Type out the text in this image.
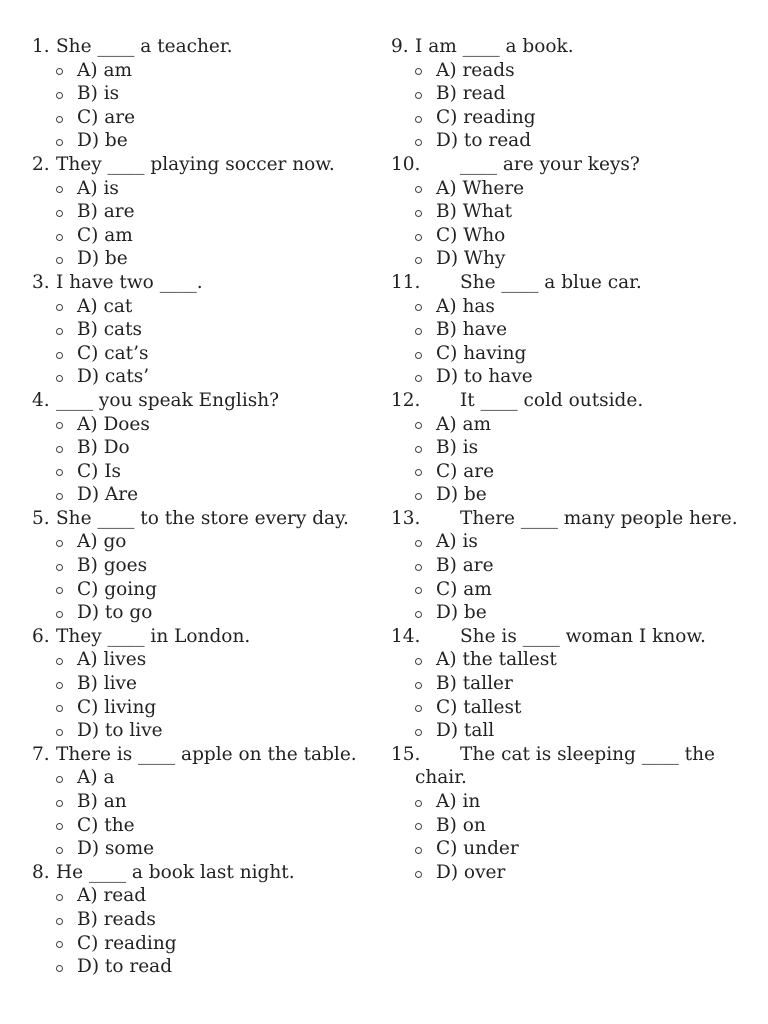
1. She ____ a teacher.
A) am
B) is
C) are
D) be
2. They ____ playing soccer now.
A) is
B) are
C) am
D) be
3. I have two ____.
A) cat
B) cats
C) cat’s
D) cats’
4. ____ you speak English?
A) Does
B) Do
C) Is
D) Are
5. She ____ to the store every day.
A) go
B) goes
C) going
D) to go
6. They ____ in London.
A) lives
B) live
C) living
D) to live
7. There is ____ apple on the table.
A) a
B) an
C) the
D) some
8. He ____ a book last night.
A) read
B) reads
C) reading
D) to read
9. I am ____ a book.
A) reads
B) read
C) reading
D) to read
10.	____ are your keys?
A) Where
B) What
C) Who
D) Why
11.	She ____ a blue car.
A) has
B) have
C) having
D) to have
12.	It ____ cold outside.
A) am
B) is
C) are
D) be
13.	There ____ many people here.
A) is
B) are
C) am
D) be
14.	She is ____ woman I know.
A) the tallest
B) taller
C) tallest
D) tall
15.	The cat is sleeping ____ the
chair.
A) in
B) on
C) under
D) over
